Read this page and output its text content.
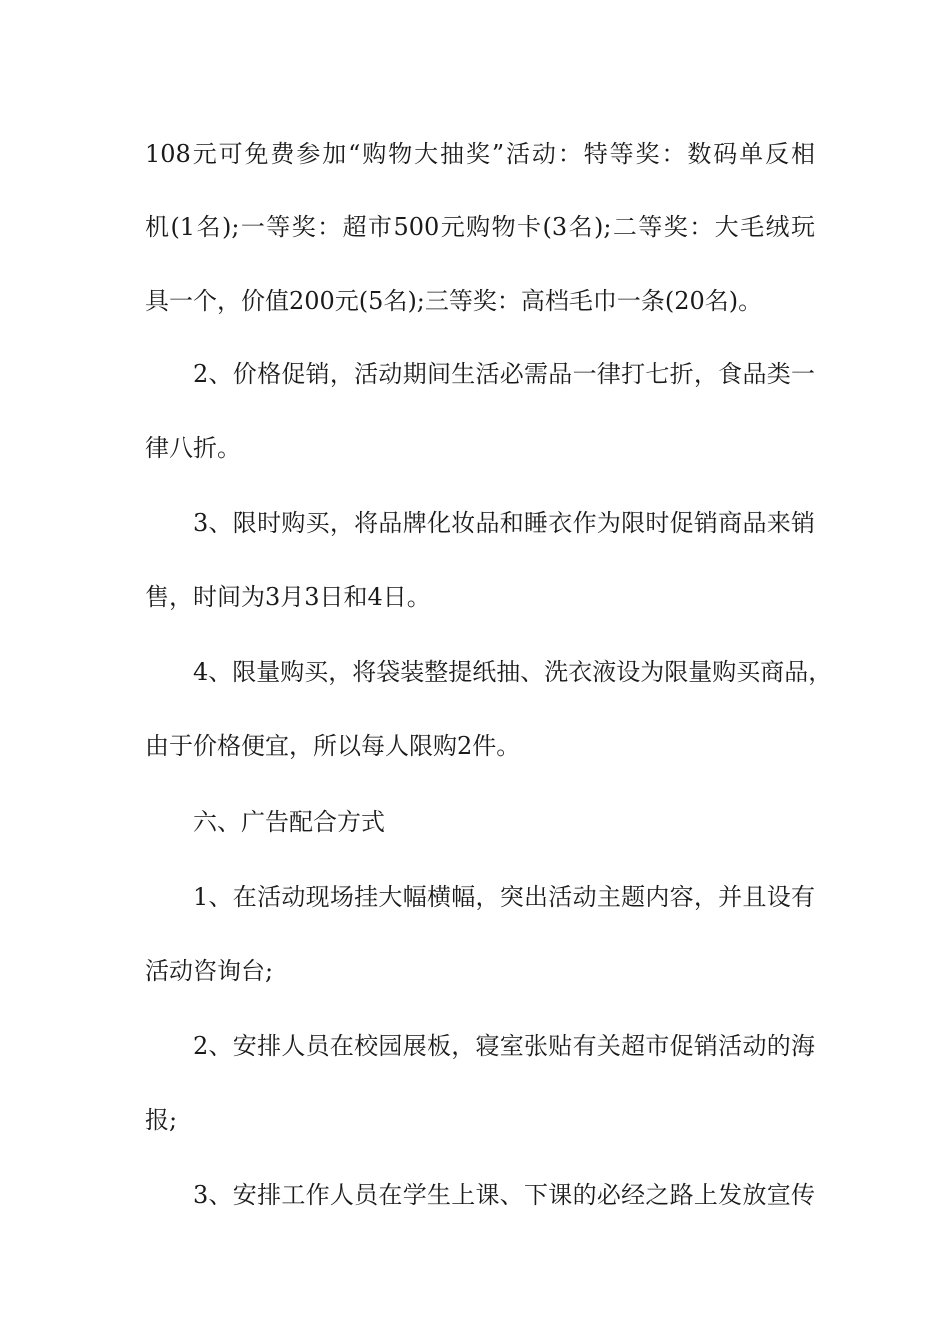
108元可免费参加“购物大抽奖”活动：特等奖：数码单反相

机(1名);一等奖：超市500元购物卡(3名);二等奖：大毛绒玩

具一个，价值200元(5名);三等奖：高档毛巾一条(20名)。

2、价格促销，活动期间生活必需品一律打七折，食品类一

律八折。

3、限时购买，将品牌化妆品和睡衣作为限时促销商品来销

售，时间为3月3日和4日。

4、限量购买，将袋装整提纸抽、洗衣液设为限量购买商品，

由于价格便宜，所以每人限购2件。

六、广告配合方式

1、在活动现场挂大幅横幅，突出活动主题内容，并且设有

活动咨询台;

2、安排人员在校园展板，寝室张贴有关超市促销活动的海

报;

3、安排工作人员在学生上课、下课的必经之路上发放宣传
